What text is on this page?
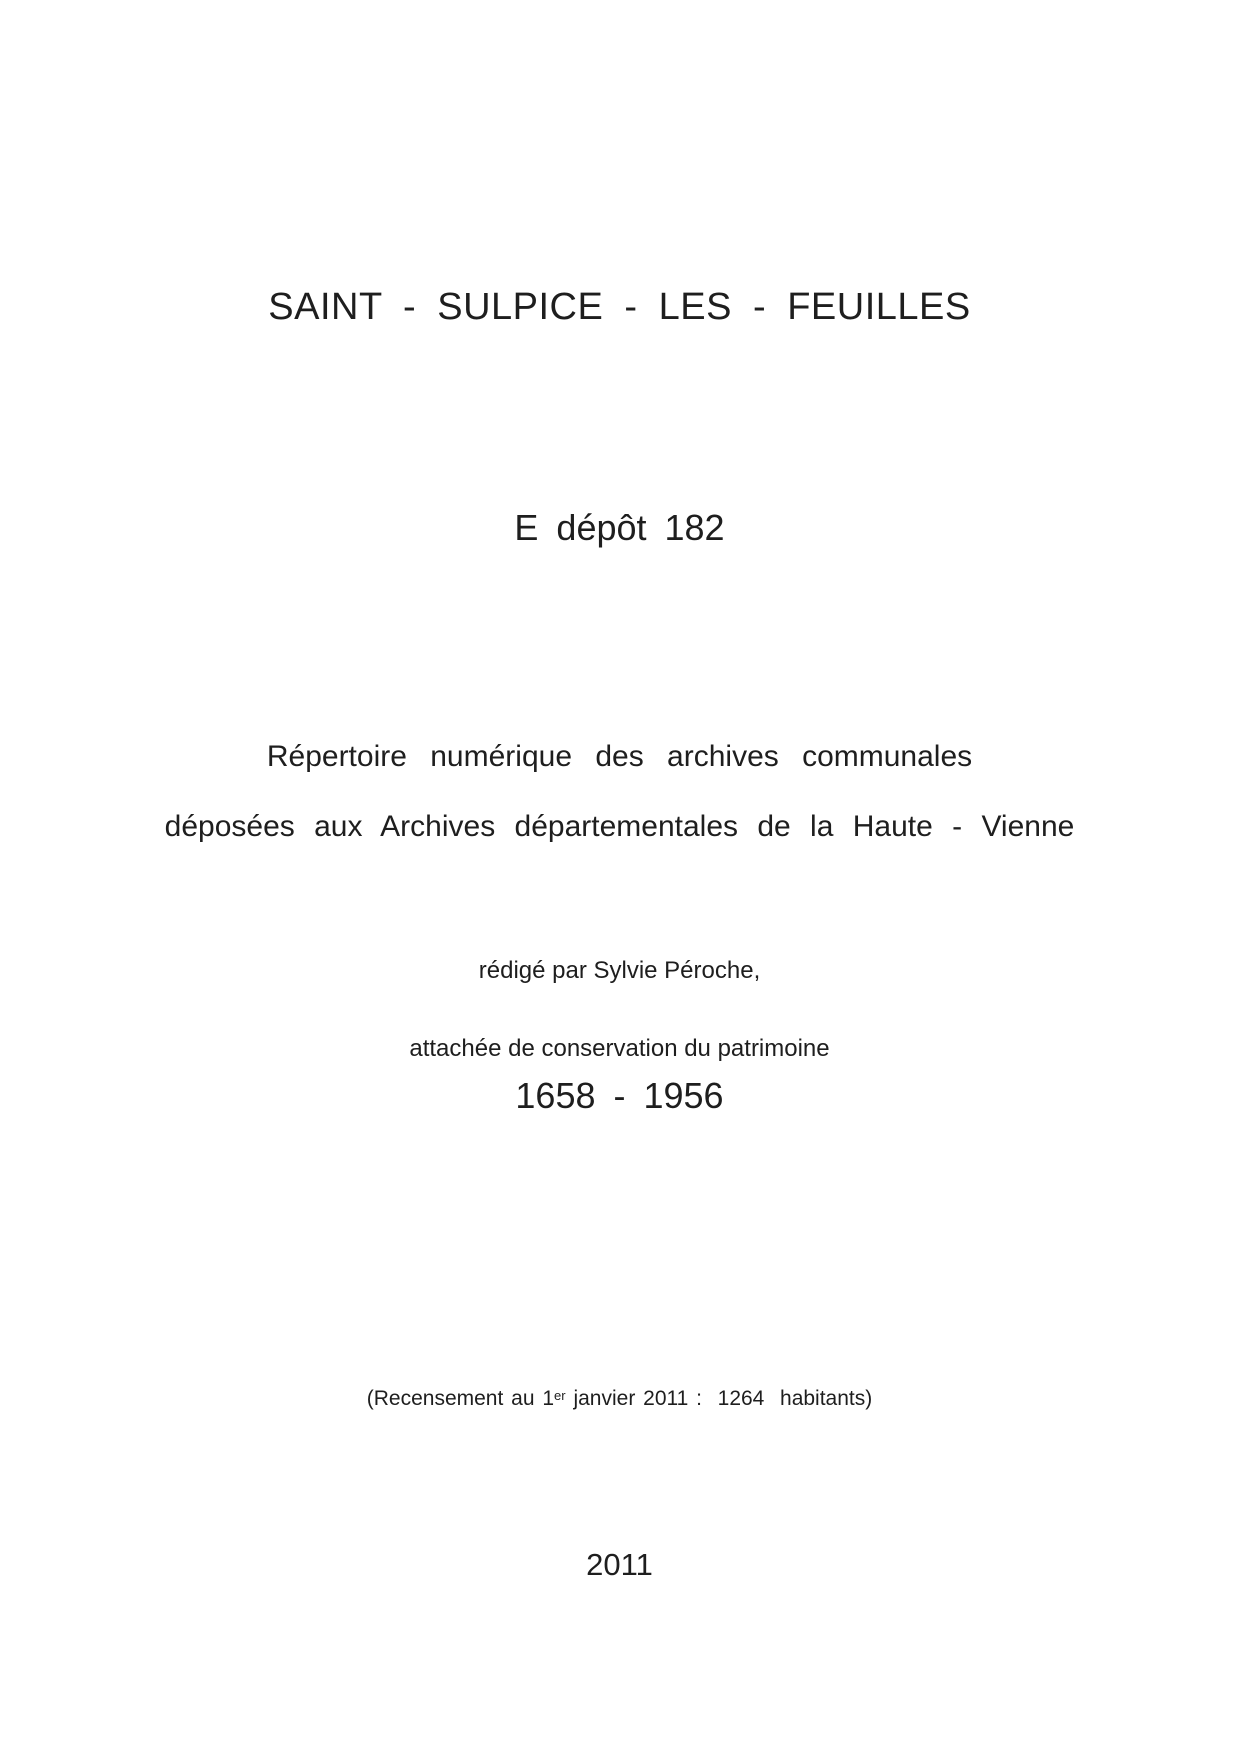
SAINT - SULPICE - LES - FEUILLES
E dépôt 182
Répertoire numérique des archives communales
déposées aux Archives départementales de la Haute - Vienne

rédigé par Sylvie Péroche,

attachée de conservation du patrimoine

1658 - 1956
(Recensement au 1er janvier 2011 :  1264  habitants)
2011
